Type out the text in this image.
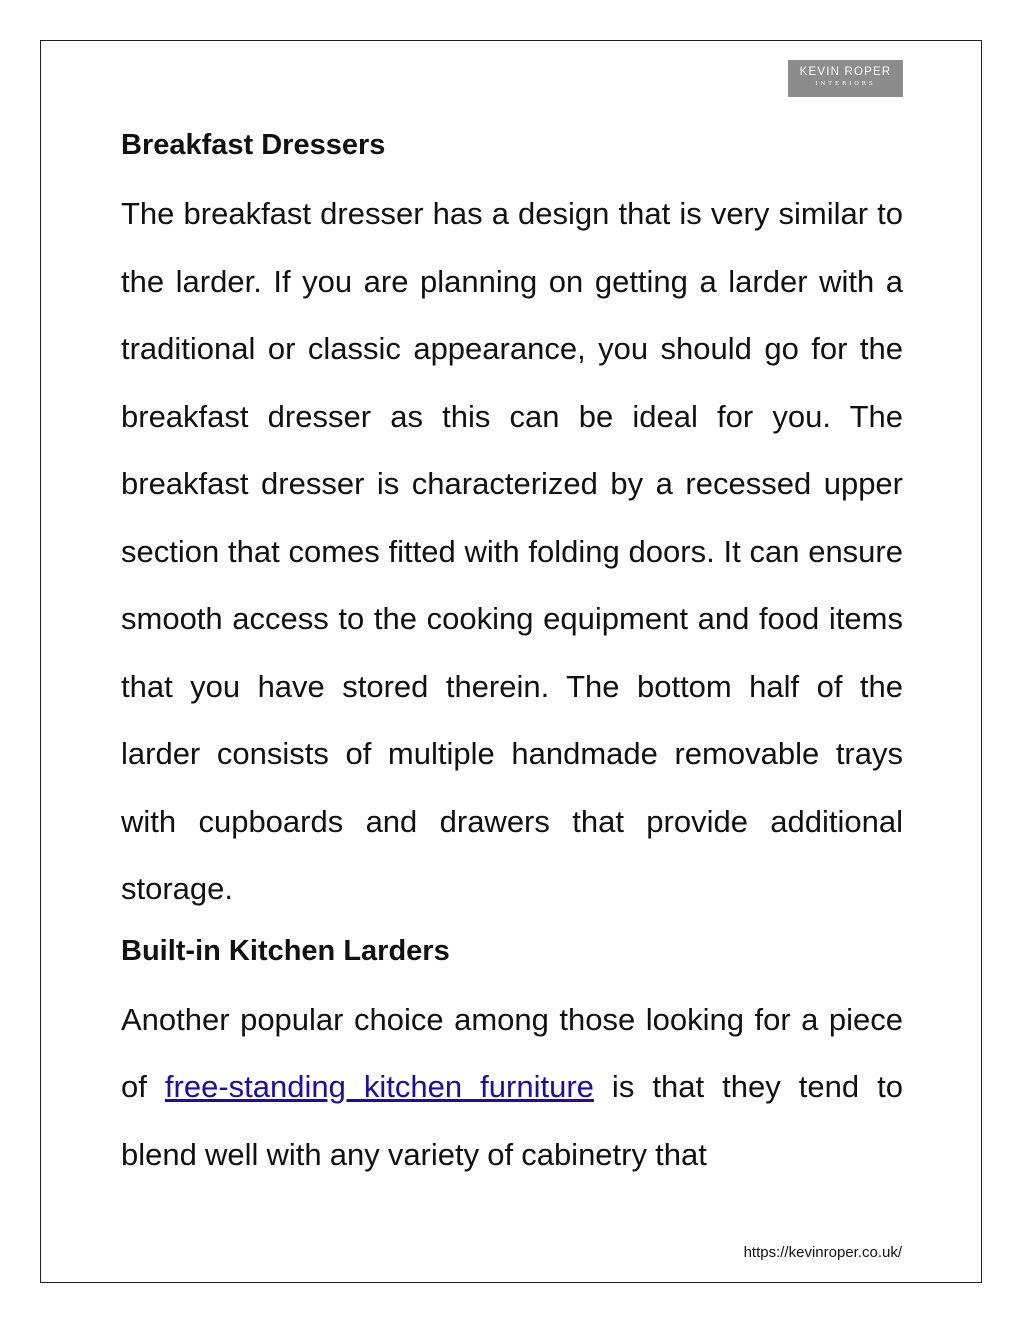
KEVIN ROPER
INTERIORS
Breakfast Dressers

The breakfast dresser has a design that is very similar to the larder. If you are planning on getting a larder with a traditional or classic appearance, you should go for the breakfast dresser as this can be ideal for you. The breakfast dresser is characterized by a recessed upper section that comes fitted with folding doors. It can ensure smooth access to the cooking equipment and food items that you have stored therein. The bottom half of the larder consists of multiple handmade removable trays with cupboards and drawers that provide additional storage.

Built-in Kitchen Larders

Another popular choice among those looking for a piece of free-standing kitchen furniture is that they tend to blend well with any variety of cabinetry that

https://kevinroper.co.uk/
